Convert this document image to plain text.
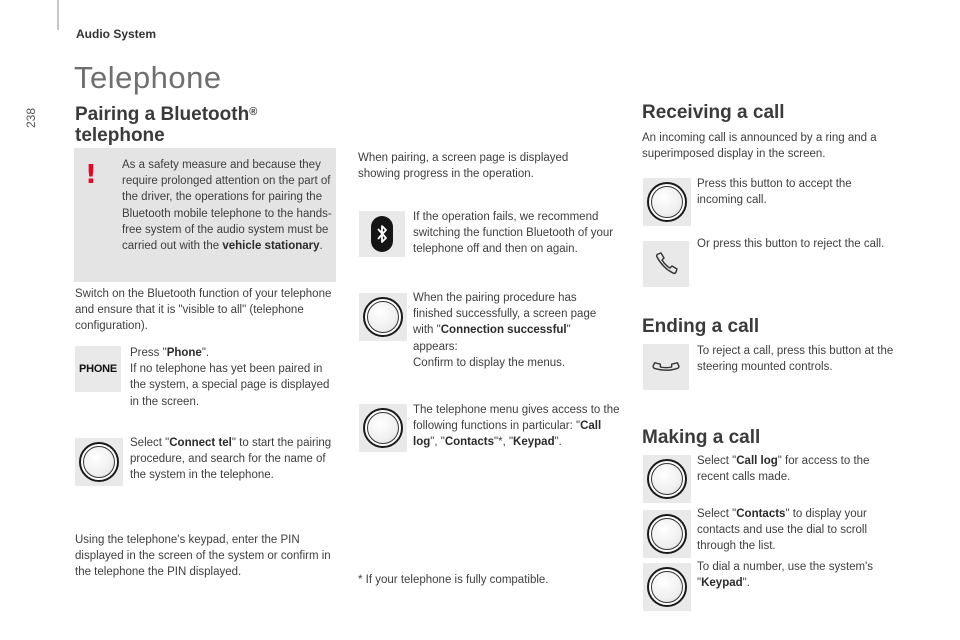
238
Audio System
Telephone
Pairing a Bluetooth®
telephone
! As a safety measure and because they require prolonged attention on the part of the driver, the operations for pairing the Bluetooth mobile telephone to the hands-free system of the audio system must be carried out with the vehicle stationary.

Switch on the Bluetooth function of your telephone and ensure that it is "visible to all" (telephone configuration).

PHONE

Press "Phone".
If no telephone has yet been paired in the system, a special page is displayed in the screen.

Select "Connect tel" to start the pairing procedure, and search for the name of the system in the telephone.

Using the telephone's keypad, enter the PIN displayed in the screen of the system or confirm in the telephone the PIN displayed.

When pairing, a screen page is displayed showing progress in the operation.

If the operation fails, we recommend switching the function Bluetooth of your telephone off and then on again.

When the pairing procedure has finished successfully, a screen page with "Connection successful" appears:
Confirm to display the menus.

The telephone menu gives access to the following functions in particular: "Call log", "Contacts"*, "Keypad".

* If your telephone is fully compatible.

Receiving a call

An incoming call is announced by a ring and a superimposed display in the screen.

Press this button to accept the incoming call.

Or press this button to reject the call.

Ending a call

To reject a call, press this button at the steering mounted controls.

Making a call

Select "Call log" for access to the recent calls made.

Select "Contacts" to display your contacts and use the dial to scroll through the list.

To dial a number, use the system's "Keypad".
